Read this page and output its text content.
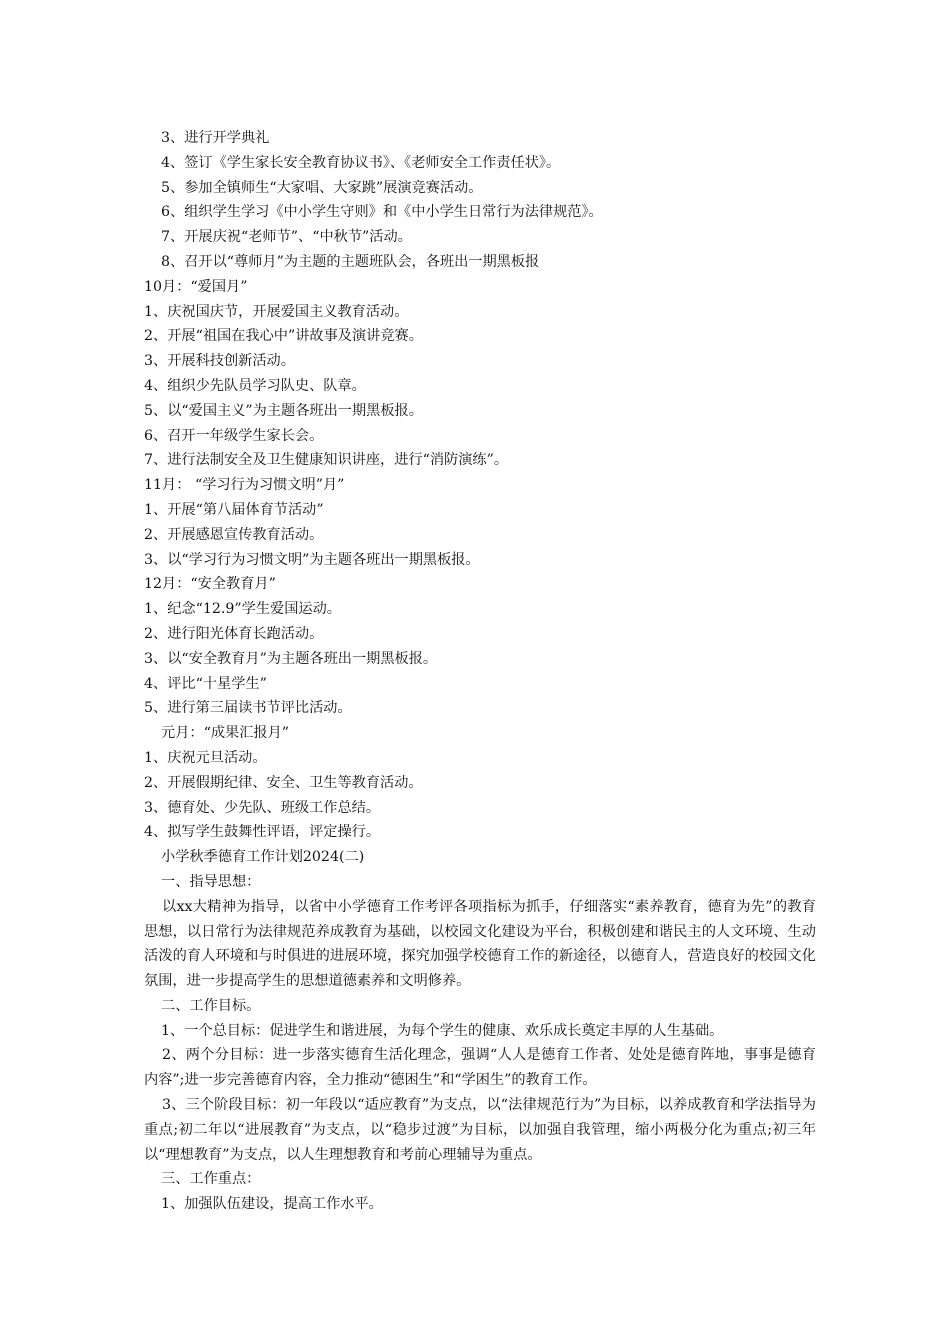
3、进行开学典礼
4、签订《学生家长安全教育协议书》、《老师安全工作责任状》。
5、参加全镇师生“大家唱、大家跳”展演竞赛活动。
6、组织学生学习《中小学生守则》和《中小学生日常行为法律规范》。
7、开展庆祝“老师节”、“中秋节”活动。
8、召开以“尊师月”为主题的主题班队会，各班出一期黑板报
10月：“爱国月”
1、庆祝国庆节，开展爱国主义教育活动。
2、开展“祖国在我心中”讲故事及演讲竞赛。
3、开展科技创新活动。
4、组织少先队员学习队史、队章。
5、以“爱国主义”为主题各班出一期黑板报。
6、召开一年级学生家长会。
7、进行法制安全及卫生健康知识讲座，进行“消防演练”。
11月： “学习行为习惯文明”月”
1、开展“第八届体育节活动”
2、开展感恩宣传教育活动。
3、以“学习行为习惯文明”为主题各班出一期黑板报。
12月：“安全教育月”
1、纪念“12.9”学生爱国运动。
2、进行阳光体育长跑活动。
3、以“安全教育月”为主题各班出一期黑板报。
4、评比“十星学生”
5、进行第三届读书节评比活动。
元月：“成果汇报月”
1、庆祝元旦活动。
2、开展假期纪律、安全、卫生等教育活动。
3、德育处、少先队、班级工作总结。
4、拟写学生鼓舞性评语，评定操行。
小学秋季德育工作计划2024(二)
一、指导思想：
以xx大精神为指导，以省中小学德育工作考评各项指标为抓手，仔细落实“素养教育，德育为先”的教育思想，以日常行为法律规范养成教育为基础，以校园文化建设为平台，积极创建和谐民主的人文环境、生动活泼的育人环境和与时俱进的进展环境，探究加强学校德育工作的新途径，以德育人，营造良好的校园文化氛围，进一步提高学生的思想道德素养和文明修养。
二、工作目标。
1、一个总目标：促进学生和谐进展，为每个学生的健康、欢乐成长奠定丰厚的人生基础。
2、两个分目标：进一步落实德育生活化理念，强调“人人是德育工作者、处处是德育阵地，事事是德育内容”;进一步完善德育内容，全力推动“德困生”和“学困生”的教育工作。
3、三个阶段目标：初一年段以“适应教育”为支点，以“法律规范行为”为目标，以养成教育和学法指导为重点;初二年以“进展教育”为支点，以“稳步过渡”为目标，以加强自我管理，缩小两极分化为重点;初三年以“理想教育”为支点，以人生理想教育和考前心理辅导为重点。
三、工作重点：
1、加强队伍建设，提高工作水平。
